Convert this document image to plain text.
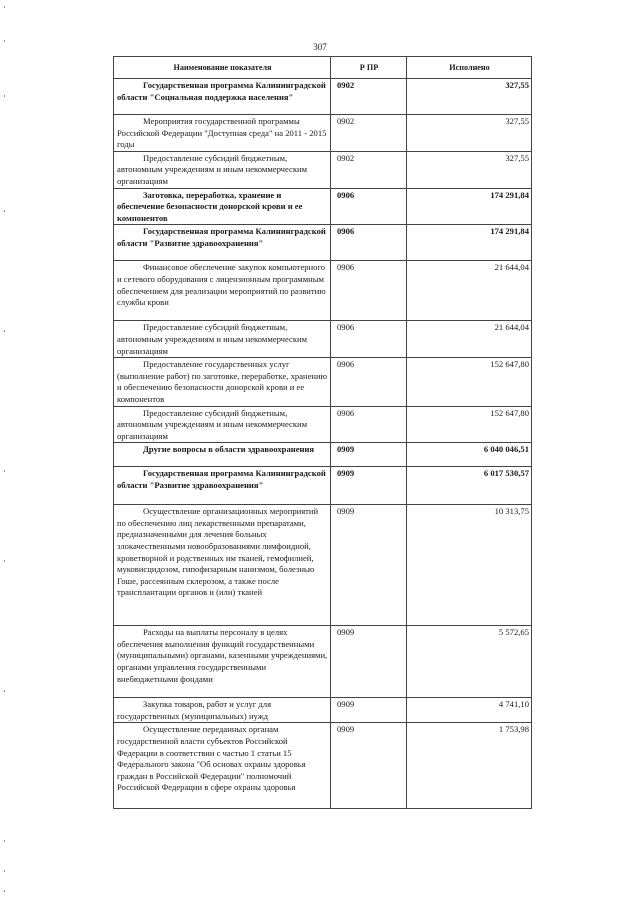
307
Наименование показателя	Р ПР	Исполнено

Государственная программа Калининградской области "Социальная поддержка населения"	0902	327,55

Мероприятия государственной программы Российской Федерации "Доступная среда" на 2011 - 2015 годы	0902	327,55

Предоставление субсидий бюджетным, автономным учреждениям и иным некоммерческим организациям	0902	327,55

Заготовка, переработка, хранение и обеспечение безопасности донорской крови и ее компонентов	0906	174 291,84

Государственная программа Калининградской области "Развитие здравоохранения"	0906	174 291,84

Финансовое обеспечение закупок компьютерного и сетевого оборудования с лицензионным программным обеспечением для реализации мероприятий по развитию службы крови	0906	21 644,04

Предоставление субсидий бюджетным, автономным учреждениям и иным некоммерческим организациям	0906	21 644,04

Предоставление государственных услуг (выполнение работ) по заготовке, переработке, хранению и обеспечению безопасности донорской крови и ее компонентов	0906	152 647,80

Предоставление субсидий бюджетным, автономным учреждениям и иным некоммерческим организациям	0906	152 647,80

Другие вопросы в области здравоохранения	0909	6 040 046,51

Государственная программа Калининградской области "Развитие здравоохранения"	0909	6 017 530,57

Осуществление организационных мероприятий по обеспечению лиц лекарственными препаратами, предназначенными для лечения больных злокачественными новообразованиями лимфоидной, кроветворной и родственных им тканей, гемофилией, муковисцидозом, гипофизарным нанизмом, болезнью Гоше, рассеянным склерозом, а также после трансплантации органов и (или) тканей	0909	10 313,75

Расходы на выплаты персоналу в целях обеспечения выполнения функций государственными (муниципальными) органами, казенными учреждениями, органами управления государственными внебюджетными фондами	0909	5 572,65

Закупка товаров, работ и услуг для государственных (муниципальных) нужд	0909	4 741,10

Осуществление переданных органам государственной власти субъектов Российской Федерации в соответствии с частью 1 статьи 15 Федерального закона "Об основах охраны здоровья граждан в Российской Федерации" полномочий Российской Федерации в сфере охраны здоровья	0909	1 753,98
